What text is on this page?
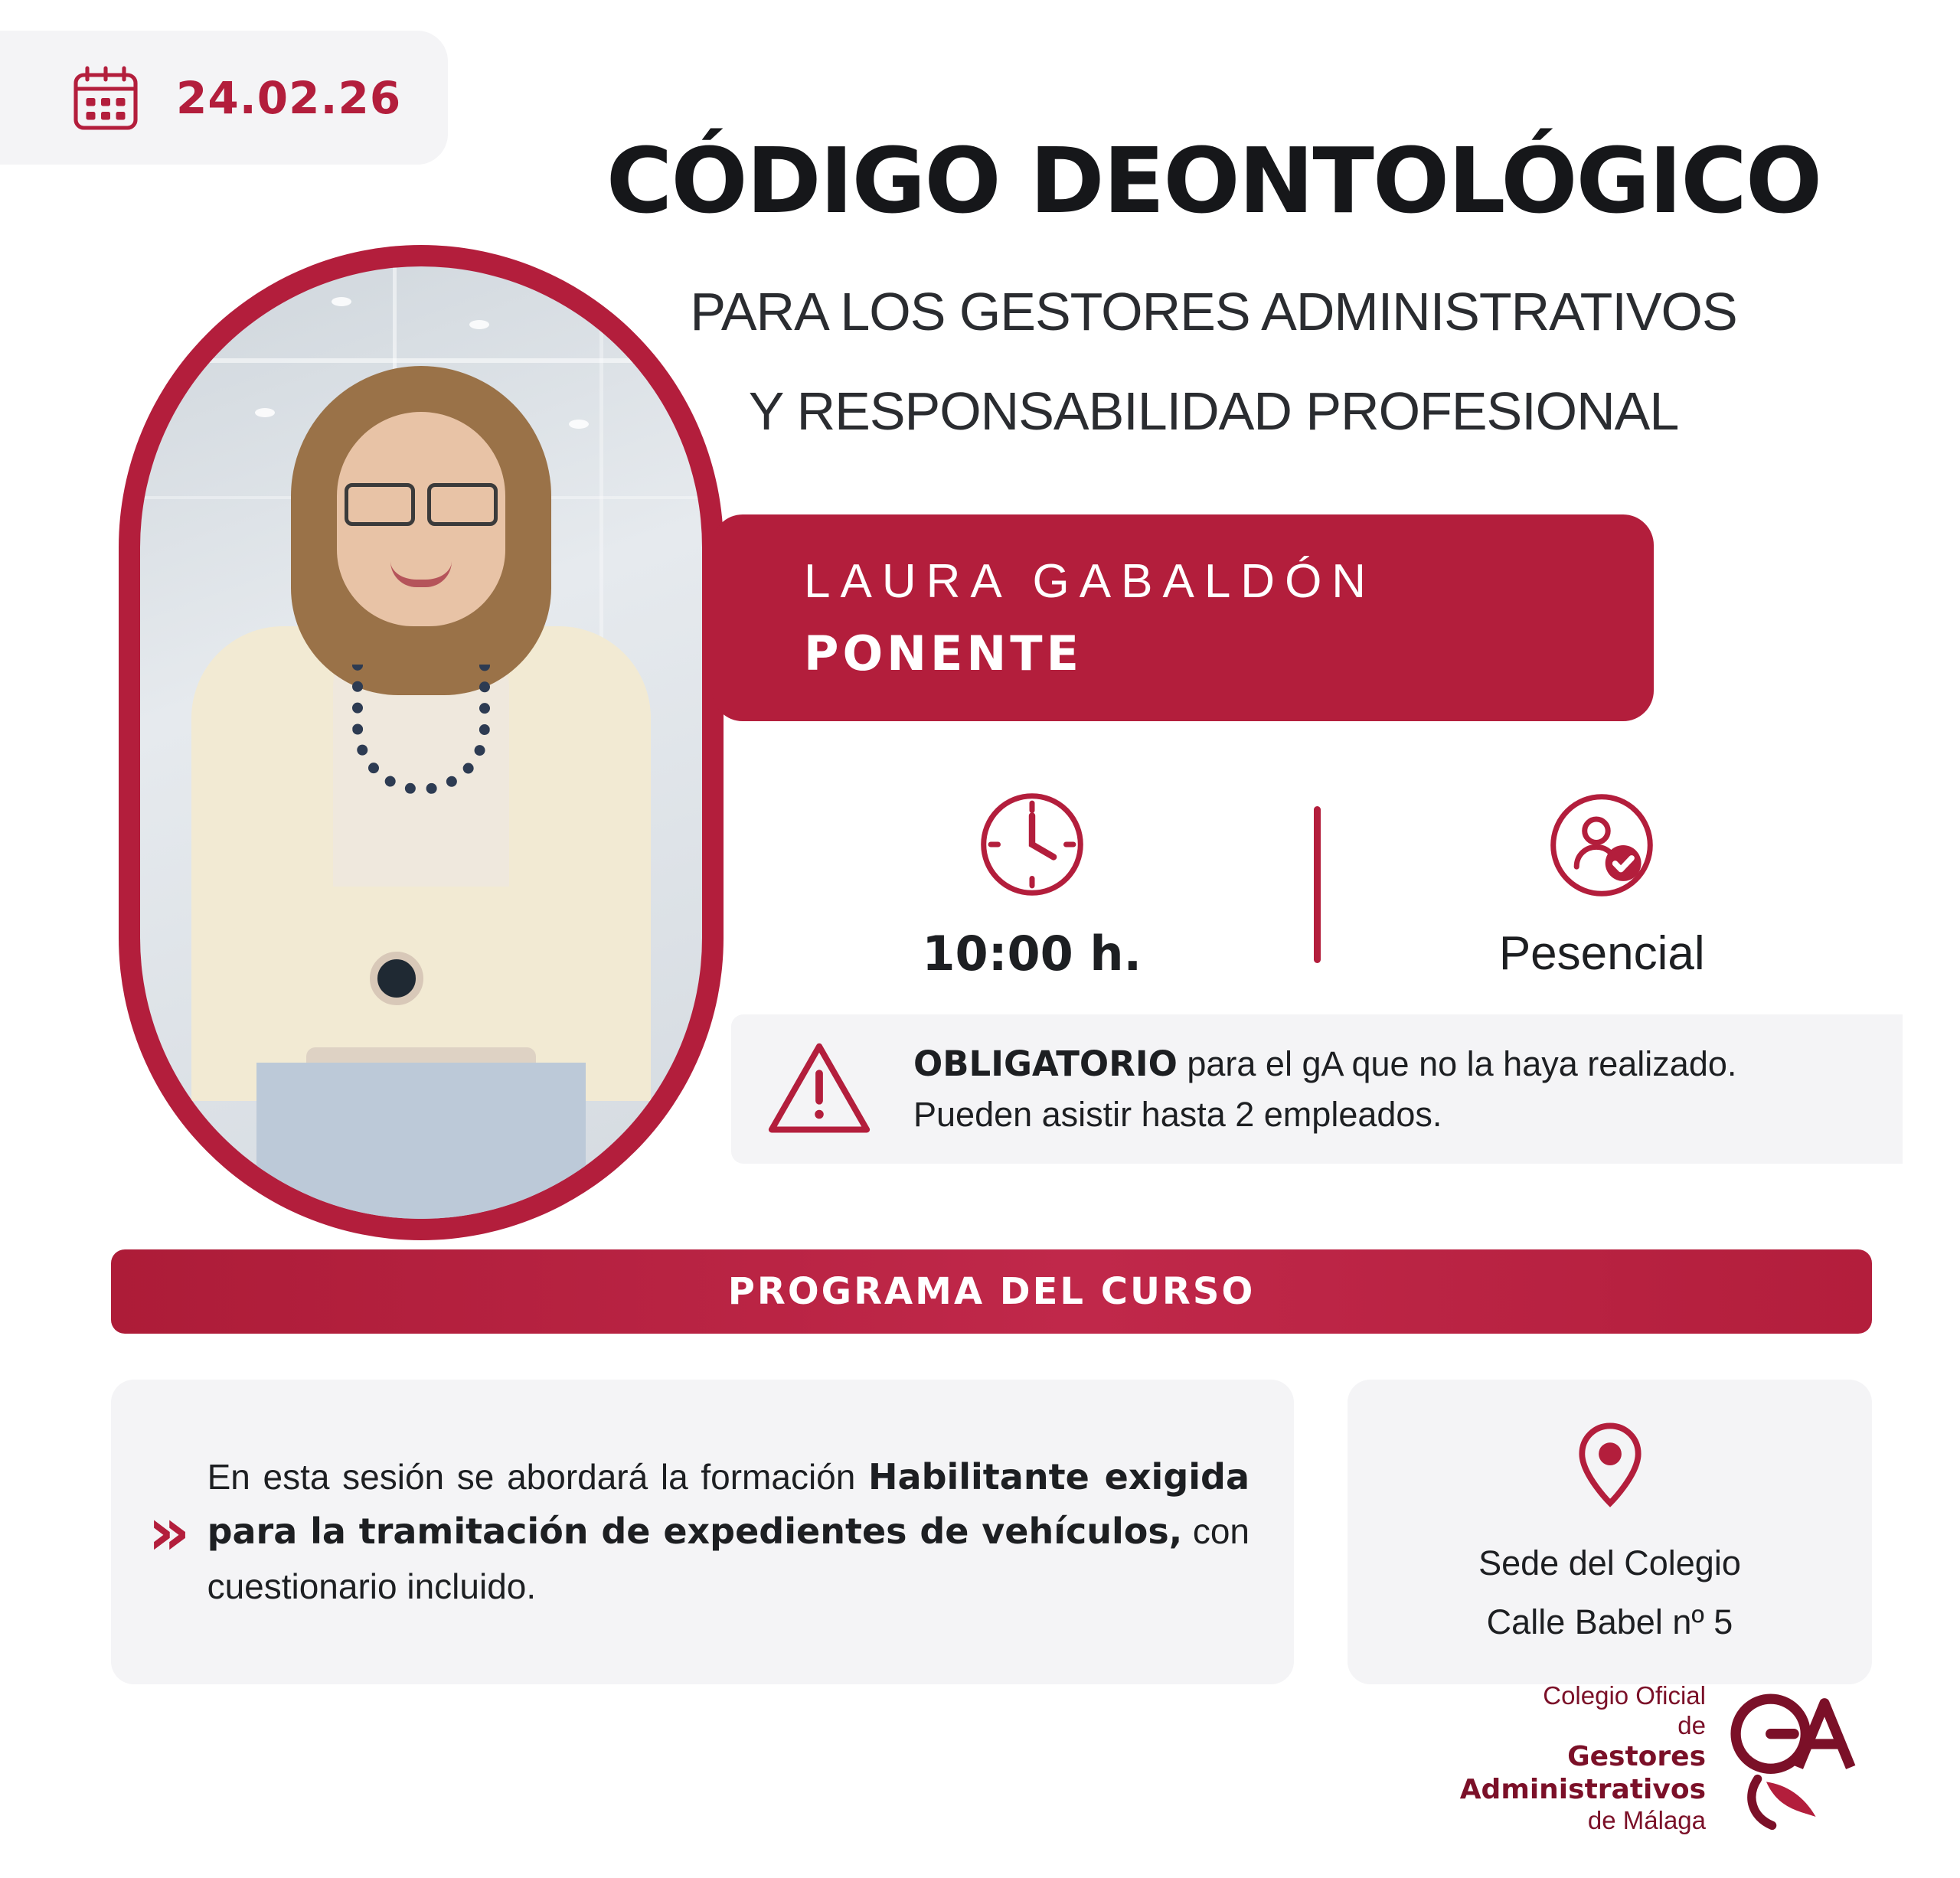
24.02.26
CÓDIGO DEONTOLÓGICO
PARA LOS GESTORES ADMINISTRATIVOS
Y RESPONSABILIDAD PROFESIONAL
LAURA GABALDÓN
PONENTE
10:00 h.	Pesencial
OBLIGATORIO para el gA que no la haya realizado.
Pueden asistir hasta 2 empleados.
PROGRAMA DEL CURSO
»
En esta sesión se abordará la formación Habilitante exigida para la tramitación de expedientes de vehículos, con cuestionario incluido.
Sede del Colegio
Calle Babel nº 5
Colegio Oficial
de
Gestores
Administrativos
de Málaga
